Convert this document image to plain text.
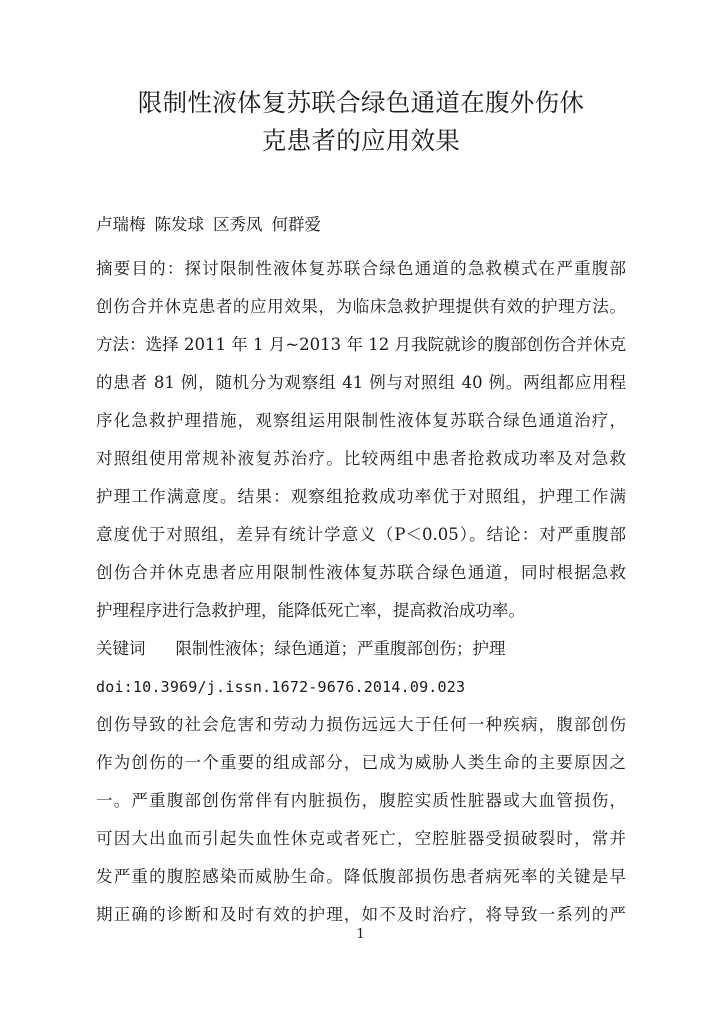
限制性液体复苏联合绿色通道在腹外伤休
克患者的应用效果

卢瑞梅 陈发球 区秀凤 何群爱

摘要目的：探讨限制性液体复苏联合绿色通道的急救模式在严重腹部
创伤合并休克患者的应用效果，为临床急救护理提供有效的护理方法。
方法：选择 2011 年 1 月~2013 年 12 月我院就诊的腹部创伤合并休克
的患者 81 例，随机分为观察组 41 例与对照组 40 例。两组都应用程
序化急救护理措施，观察组运用限制性液体复苏联合绿色通道治疗，
对照组使用常规补液复苏治疗。比较两组中患者抢救成功率及对急救
护理工作满意度。结果：观察组抢救成功率优于对照组，护理工作满
意度优于对照组，差异有统计学意义（P＜0.05）。结论：对严重腹部
创伤合并休克患者应用限制性液体复苏联合绿色通道，同时根据急救
护理程序进行急救护理，能降低死亡率，提高救治成功率。

关键词 限制性液体；绿色通道；严重腹部创伤；护理

doi:10.3969/j.issn.1672-9676.2014.09.023

创伤导致的社会危害和劳动力损伤远远大于任何一种疾病，腹部创伤
作为创伤的一个重要的组成部分，已成为威胁人类生命的主要原因之
一。严重腹部创伤常伴有内脏损伤，腹腔实质性脏器或大血管损伤，
可因大出血而引起失血性休克或者死亡，空腔脏器受损破裂时，常并
发严重的腹腔感染而威胁生命。降低腹部损伤患者病死率的关键是早
期正确的诊断和及时有效的护理，如不及时治疗，将导致一系列的严
1
